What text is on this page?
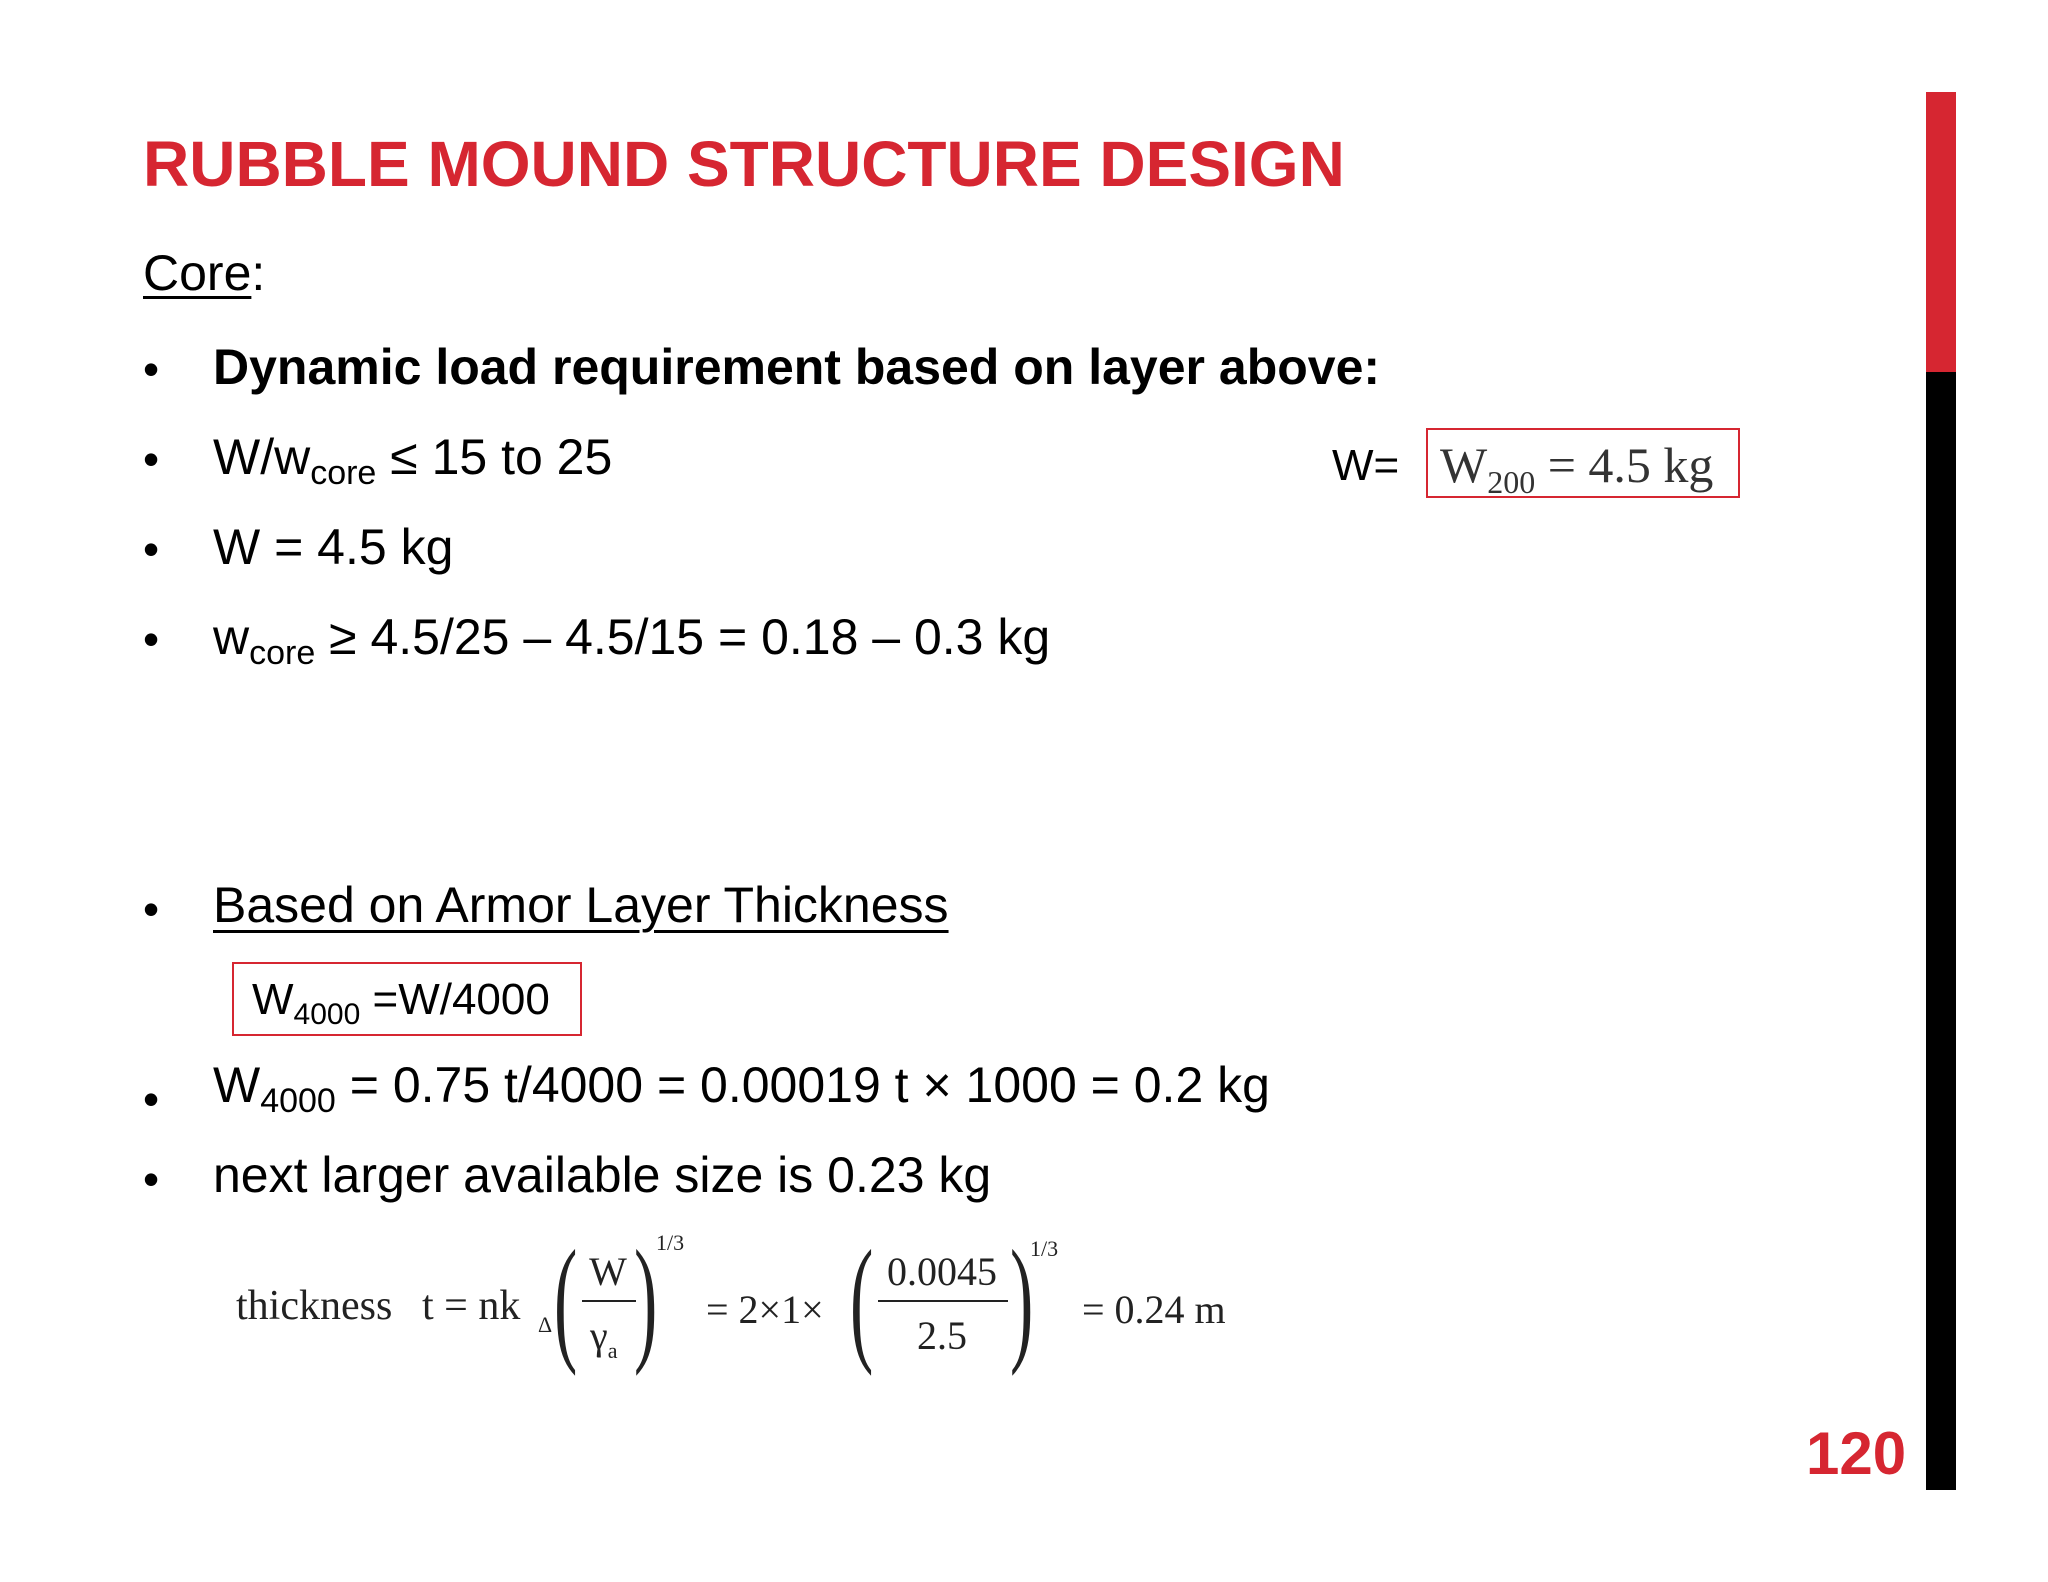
RUBBLE MOUND STRUCTURE DESIGN
Core:
• Dynamic load requirement based on layer above:
• $W/w_{core} \le 15$ to 25
• W = 4.5 kg
• $w_{core} \ge 4.5/25 - 4.5/15 = 0.18 - 0.3$ kg
$W= W_{200} = 4.5$ kg
• Based on Armor Layer Thickness
$W_{4000} =W/4000$
• $W_{4000} = 0.75$ t/4000 = 0.00019 t × 1000 = 0.2 kg
• next larger available size is 0.23 kg
thickness t = nk Δ ( W
$\gamma_a$ )
1/3
= 2×1× ( 0.0045
2.5 )
1/3
= 0.24 m
120
